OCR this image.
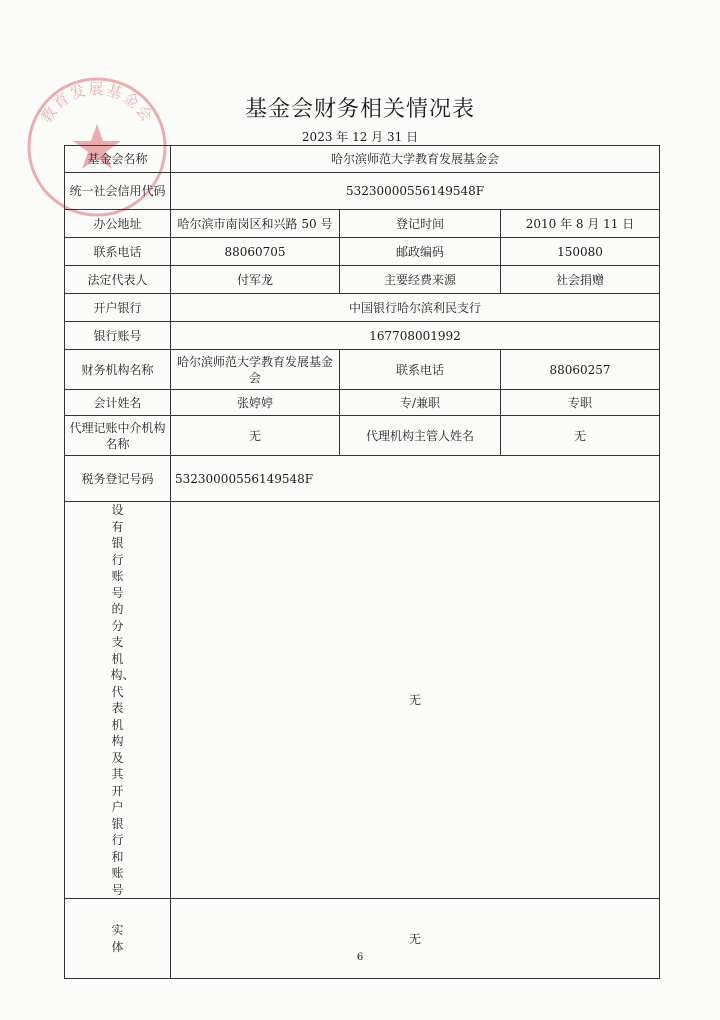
教育发展基金会	基金会财务相关情况表
2023 年 12 月 31 日
基金会名称	哈尔滨师范大学教育发展基金会		
统一社会信用代码	53230000556149548F		
办公地址	哈尔滨市南岗区和兴路 50 号	登记时间	2010 年 8 月 11 日
联系电话	88060705	邮政编码	150080
法定代表人	付军龙	主要经费来源	社会捐赠
开户银行	中国银行哈尔滨利民支行		
银行账号	167708001992		
财务机构名称	哈尔滨师范大学教育发展基金会	联系电话	88060257
会计姓名	张婷婷	专/兼职	专职
代理记账中介机构名称	无	代理机构主管人姓名	无
税务登记号码	53230000556149548F		

设有银行账号的分支机构、代表机构及其开户银行和账号	无		

实体	无		
6
